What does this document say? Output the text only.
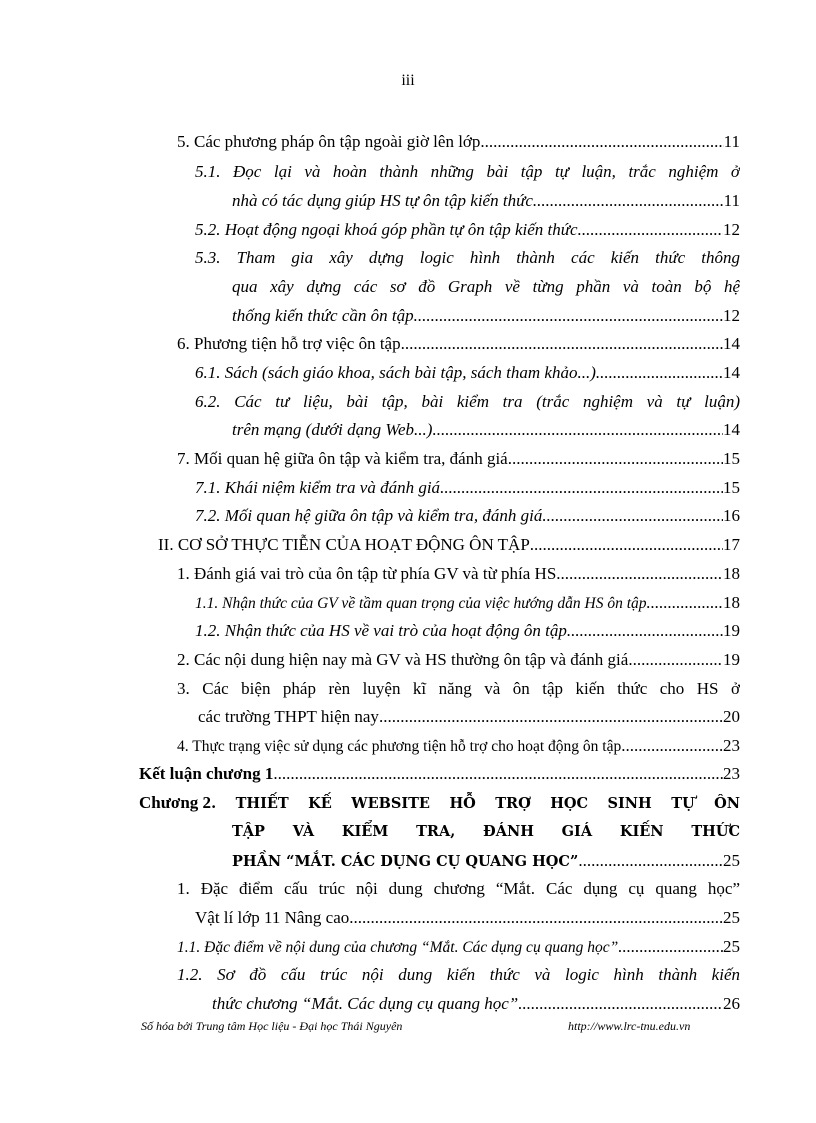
iii
5. Các phương pháp ôn tập ngoài giờ lên lớp .....	11
5.1. Đọc lại và hoàn thành những bài tập tự luận, trắc nghiệm ở
nhà có tác dụng giúp HS tự ôn tập kiến thức .....	11
5.2. Hoạt động ngoại khoá góp phần tự ôn tập kiến thức .....	12
5.3. Tham gia xây dựng logic hình thành các kiến thức thông
qua xây dựng các sơ đồ Graph về từng phần và toàn bộ hệ
thống kiến thức cần ôn tập. .....	12
6. Phương tiện hỗ trợ việc ôn tập .....	14
6.1. Sách (sách giáo khoa, sách bài tập, sách tham khảo...) .....	14
6.2. Các tư liệu, bài tập, bài kiểm tra (trắc nghiệm và tự luận)
trên mạng (dưới dạng Web...) .....	14
7. Mối quan hệ giữa ôn tập và kiểm tra, đánh giá .....	15
7.1. Khái niệm kiểm tra và đánh giá .....	15
7.2. Mối quan hệ giữa ôn tập và kiểm tra, đánh giá .....	16
II. CƠ SỞ THỰC TIỄN CỦA HOẠT ĐỘNG ÔN TẬP .....	17
1. Đánh giá vai trò của ôn tập từ phía GV và từ phía HS .....	18
1.1. Nhận thức của GV về tầm quan trọng của việc hướng dẫn HS ôn tập .....	18
1.2. Nhận thức của HS về vai trò của hoạt động ôn tập .....	19
2. Các nội dung hiện nay mà GV và HS thường ôn tập và đánh giá .....	19
3. Các biện pháp rèn luyện kĩ năng và ôn tập kiến thức cho HS ở
các trường THPT hiện nay .....	20
4. Thực trạng việc sử dụng các phương tiện hỗ trợ cho hoạt động ôn tập .....	23
Kết luận chương 1 .....	23
Chương 2 . THIẾT KẾ WEBSITE HỖ TRỢ HỌC SINH TỰ ÔN
TẬP VÀ KIỂM TRA, ĐÁNH GIÁ KIẾN THỨC
PHẦN “MẮT. CÁC DỤNG CỤ QUANG HỌC” .....	25
1. Đặc điểm cấu trúc nội dung chương “Mắt. Các dụng cụ quang học”
Vật lí lớp 11 Nâng cao .....	25
1.1. Đặc điểm về nội dung của chương “Mắt. Các dụng cụ quang học” .....	25
1.2. Sơ đồ cấu trúc nội dung kiến thức và logic hình thành kiến
thức chương “Mắt. Các dụng cụ quang học” .....	26
Số hóa bởi Trung tâm Học liệu - Đại học Thái Nguyên	http://www.lrc-tnu.edu.vn
